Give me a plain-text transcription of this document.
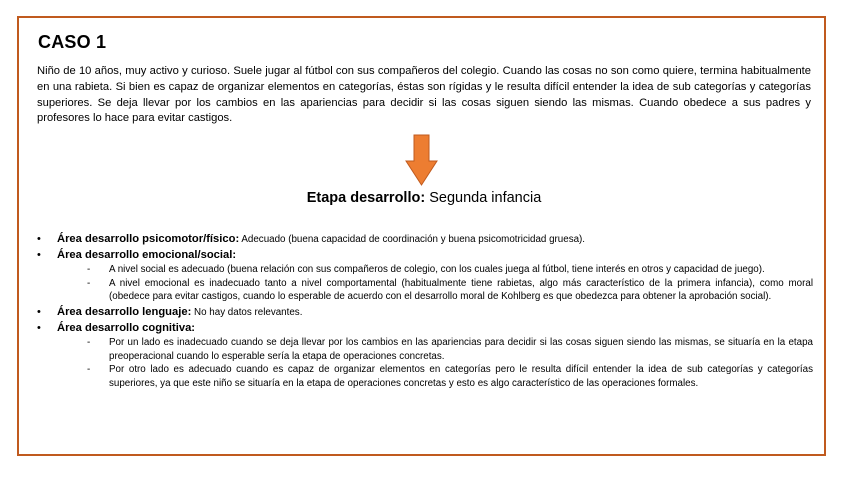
CASO 1

Niño de 10 años, muy activo y curioso. Suele jugar al fútbol con sus compañeros del colegio. Cuando las cosas no son como quiere, termina habitualmente en una rabieta. Si bien es capaz de organizar elementos en categorías, éstas son rígidas y le resulta difícil entender la idea de sub categorías y categorías superiores. Se deja llevar por los cambios en las apariencias para decidir si las cosas siguen siendo las mismas. Cuando obedece a sus padres y profesores lo hace para evitar castigos.

Etapa desarrollo: Segunda infancia

• Área desarrollo psicomotor/físico: Adecuado (buena capacidad de coordinación y buena psicomotricidad gruesa).
• Área desarrollo emocional/social:
- A nivel social es adecuado (buena relación con sus compañeros de colegio, con los cuales juega al fútbol, tiene interés en otros y capacidad de juego).
- A nivel emocional es inadecuado tanto a nivel comportamental (habitualmente tiene rabietas, algo más característico de la primera infancia), como moral (obedece para evitar castigos, cuando lo esperable de acuerdo con el desarrollo moral de Kohlberg es que obedezca para obtener la aprobación social).
• Área desarrollo lenguaje: No hay datos relevantes.
• Área desarrollo cognitiva:
- Por un lado es inadecuado cuando se deja llevar por los cambios en las apariencias para decidir si las cosas siguen siendo las mismas, se situaría en la etapa preoperacional cuando lo esperable sería la etapa de operaciones concretas.
- Por otro lado es adecuado cuando es capaz de organizar elementos en categorías pero le resulta difícil entender la idea de sub categorías y categorías superiores, ya que este niño se situaría en la etapa de operaciones concretas y esto es algo característico de las operaciones formales.
